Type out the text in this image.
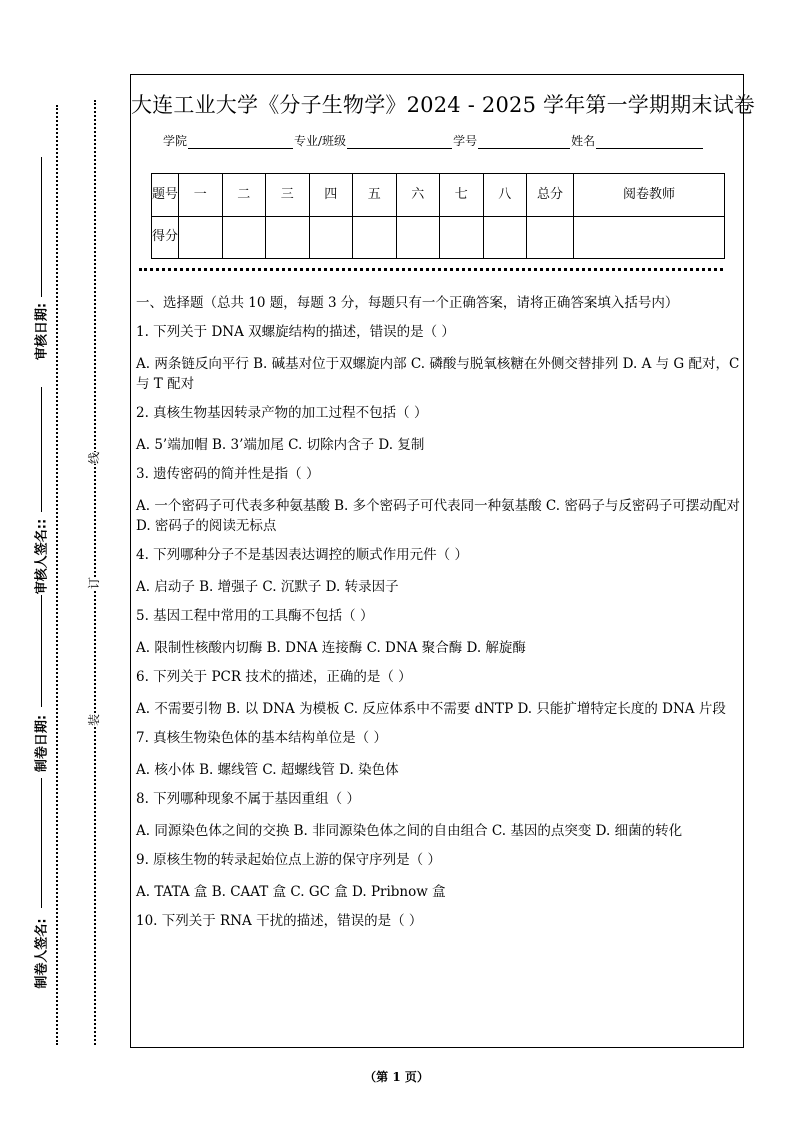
审核日期:
审核人签名::
制卷日期:
制卷人签名:
线
订
装
大连工业大学《分子生物学》2024 - 2025 学年第一学期期末试卷
学院	专业/班级	学号	姓名
题号	一	二	三	四	五	六	七	八	总分	阅卷教师
得分										

一、选择题（总共 10 题，每题 3 分，每题只有一个正确答案，请将正确答案填入括号内）

1. 下列关于 DNA 双螺旋结构的描述，错误的是（ ）

A. 两条链反向平行 B. 碱基对位于双螺旋内部 C. 磷酸与脱氧核糖在外侧交替排列 D. A 与 G 配对，C 与 T 配对

2. 真核生物基因转录产物的加工过程不包括（ ）

A. 5’端加帽 B. 3’端加尾 C. 切除内含子 D. 复制

3. 遗传密码的简并性是指（ ）

A. 一个密码子可代表多种氨基酸 B. 多个密码子可代表同一种氨基酸 C. 密码子与反密码子可摆动配对 D. 密码子的阅读无标点

4. 下列哪种分子不是基因表达调控的顺式作用元件（ ）

A. 启动子 B. 增强子 C. 沉默子 D. 转录因子

5. 基因工程中常用的工具酶不包括（ ）

A. 限制性核酸内切酶 B. DNA 连接酶 C. DNA 聚合酶 D. 解旋酶

6. 下列关于 PCR 技术的描述，正确的是（ ）

A. 不需要引物 B. 以 DNA 为模板 C. 反应体系中不需要 dNTP D. 只能扩增特定长度的 DNA 片段

7. 真核生物染色体的基本结构单位是（ ）

A. 核小体 B. 螺线管 C. 超螺线管 D. 染色体

8. 下列哪种现象不属于基因重组（ ）

A. 同源染色体之间的交换 B. 非同源染色体之间的自由组合 C. 基因的点突变 D. 细菌的转化

9. 原核生物的转录起始位点上游的保守序列是（ ）

A. TATA 盒 B. CAAT 盒 C. GC 盒 D. Pribnow 盒

10. 下列关于 RNA 干扰的描述，错误的是（ ）

（第 1 页）
